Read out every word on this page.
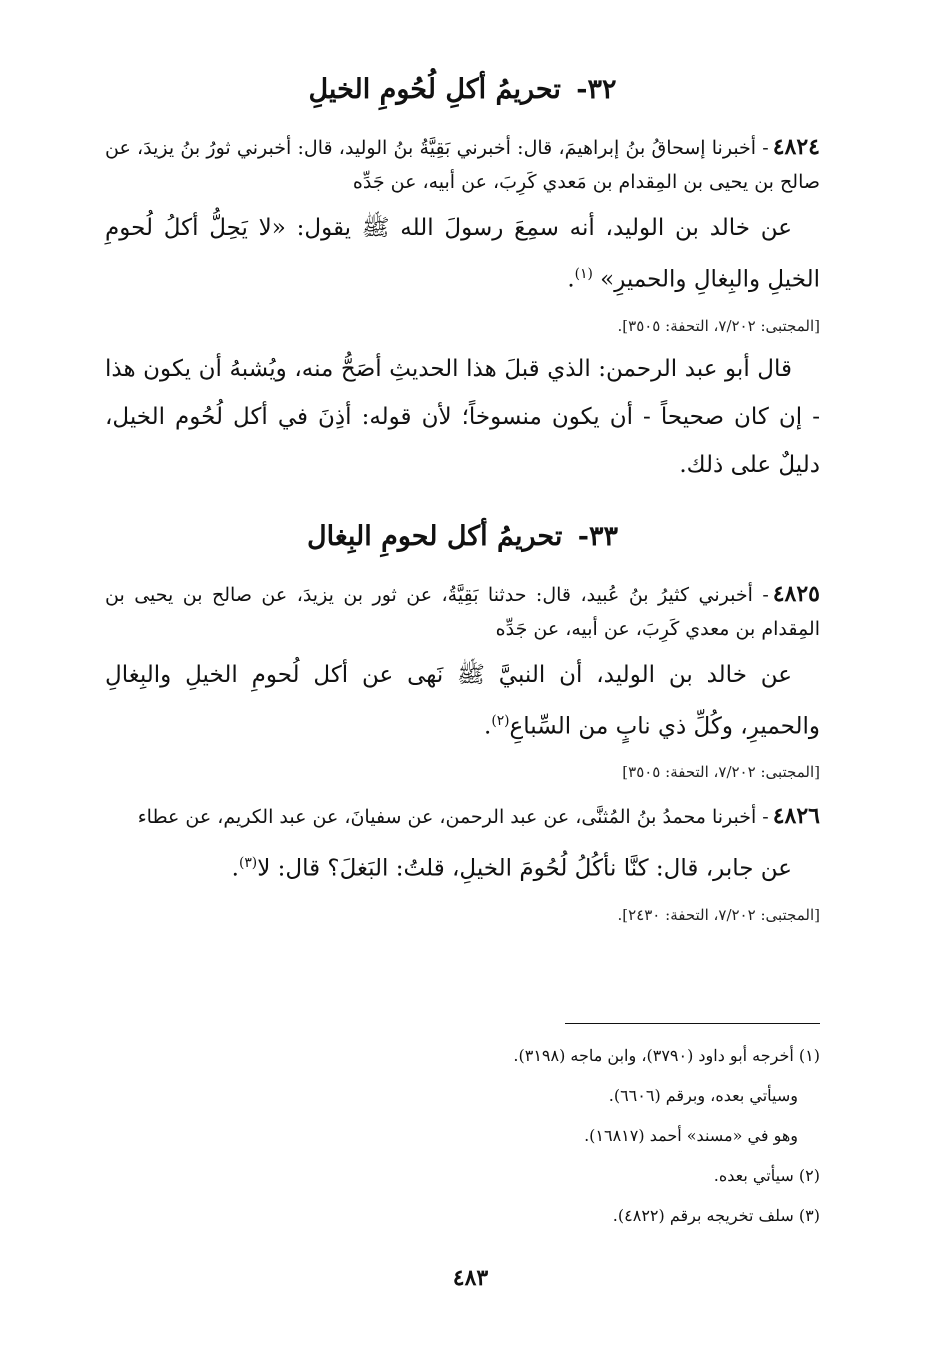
٣٢- تحريمُ أكلِ لُحُومِ الخيلِ

٤٨٢٤- أخبرنا إسحاقُ بنُ إبراهيمَ، قال: أخبرني بَقِيَّةُ بنُ الوليد، قال: أخبرني ثورُ بنُ يزيدَ، عن صالح بن يحيى بن المِقدام بن مَعدي كَرِبَ، عن أبيه، عن جَدِّه

عن خالد بن الوليد، أنه سمِعَ رسولَ الله ﷺ يقول: «لا يَحِلُّ أكلُ لُحومِ الخيلِ والبِغالِ والحميرِ» $^{(١)}$.

[المجتبى: ٧/٢٠٢، التحفة: ٣٥٠٥].

قال أبو عبد الرحمن: الذي قبلَ هذا الحديثِ أصَحُّ منه، ويُشبهُ أن يكون هذا - إن كان صحيحاً - أن يكون منسوخاً؛ لأن قوله: أذِنَ في أكل لُحُوم الخيل، دليلٌ على ذلك.

٣٣- تحريمُ أكل لحومِ البِغال

٤٨٢٥- أخبرني كثيرُ بنُ عُبيد، قال: حدثنا بَقِيَّةُ، عن ثور بن يزيدَ، عن صالح بن يحيى بن المِقدام بن معدي كَرِبَ، عن أبيه، عن جَدِّه

عن خالد بن الوليد، أن النبيَّ ﷺ نَهى عن أكل لُحومِ الخيلِ والبِغالِ والحميرِ، وكُلِّ ذي نابٍ من السِّباعِ$^{(٢)}$.

[المجتبى: ٧/٢٠٢، التحفة: ٣٥٠٥]

٤٨٢٦- أخبرنا محمدُ بنُ المُثنَّى، عن عبد الرحمن، عن سفيانَ، عن عبد الكريم، عن عطاء

عن جابر، قال: كنَّا نأكُلُ لُحُومَ الخيلِ، قلتُ: البَغلَ؟ قال: لا$^{(٣)}$.

[المجتبى: ٧/٢٠٢، التحفة: ٢٤٣٠].

(١) أخرجه أبو داود (٣٧٩٠)، وابن ماجه (٣١٩٨).

وسيأتي بعده، وبرقم (٦٦٠٦).

وهو في «مسند» أحمد (١٦٨١٧).

(٢) سيأتي بعده.

(٣) سلف تخريجه برقم (٤٨٢٢).

٤٨٣
